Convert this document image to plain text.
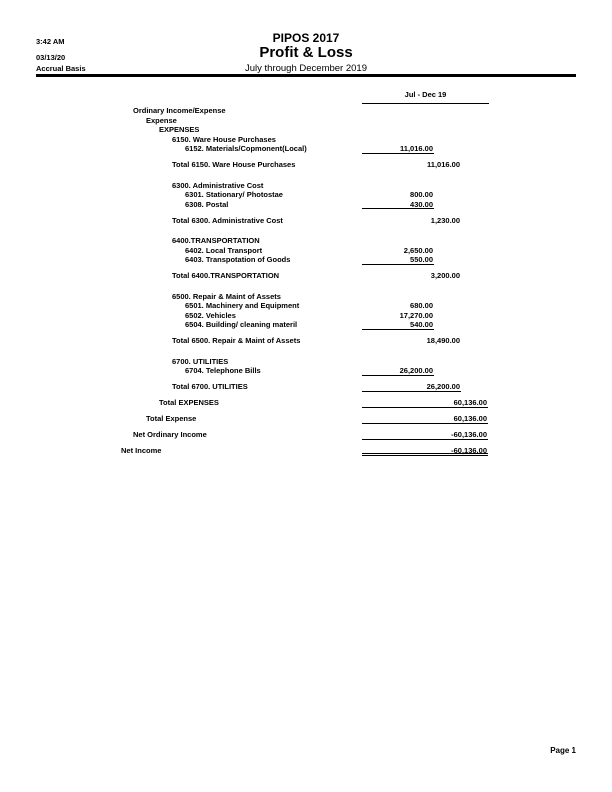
3:42 AM
03/13/20
Accrual Basis
PIPOS 2017
Profit & Loss
July through December 2019
Jul - Dec 19
Ordinary Income/Expense
Expense
EXPENSES
6150. Ware House Purchases
6152. Materials/Copmonent(Local)	11,016.00
Total 6150. Ware House Purchases	11,016.00
6300. Administrative Cost
6301. Stationary/ Photostae	800.00
6308. Postal	430.00
Total 6300. Administrative Cost	1,230.00
6400.TRANSPORTATION
6402. Local Transport	2,650.00
6403. Transpotation of Goods	550.00
Total 6400.TRANSPORTATION	3,200.00
6500. Repair & Maint of Assets
6501. Machinery and Equipment	680.00
6502. Vehicles	17,270.00
6504. Building/ cleaning materil	540.00
Total 6500. Repair & Maint of Assets	18,490.00
6700. UTILITIES
6704. Telephone Bills	26,200.00
Total 6700. UTILITIES	26,200.00
Total EXPENSES	60,136.00
Total Expense	60,136.00
Net Ordinary Income	-60,136.00
Net Income	-60,136.00
Page 1
